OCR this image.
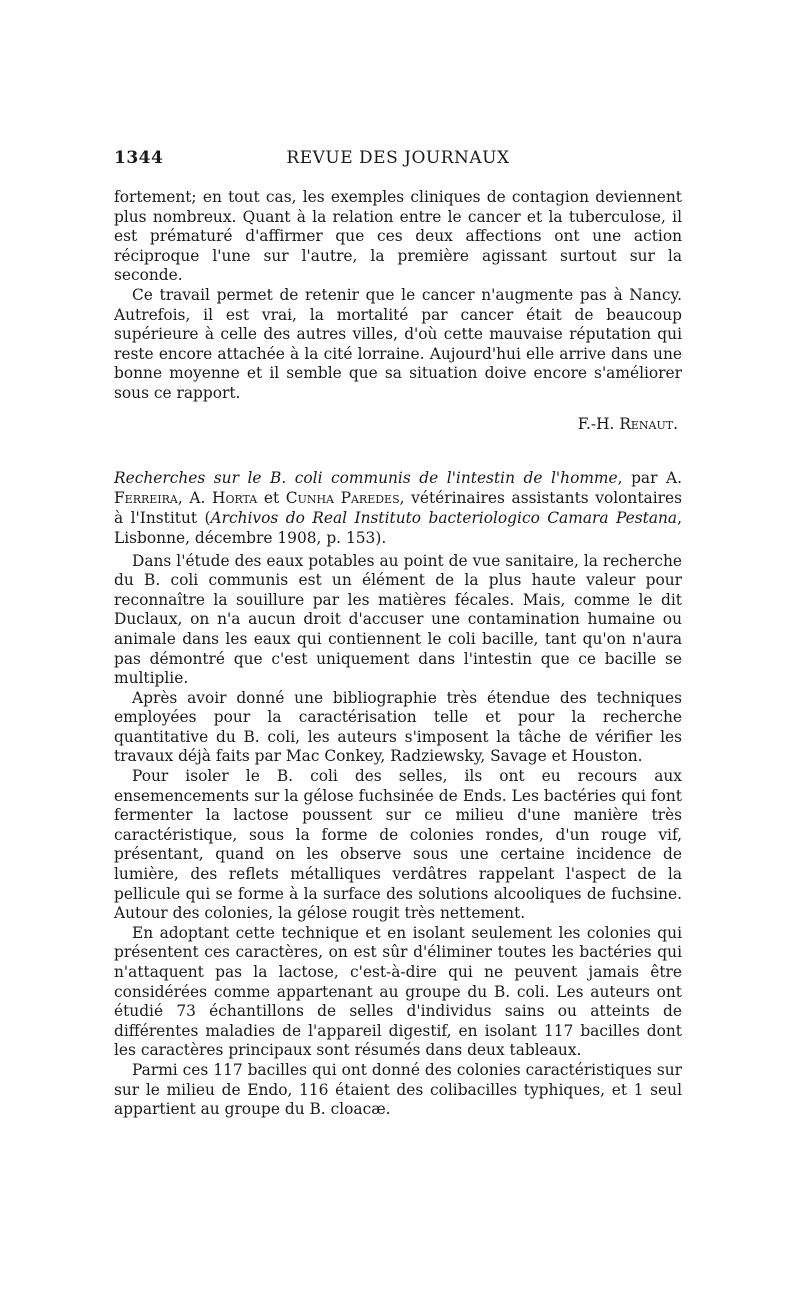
1344	REVUE DES JOURNAUX

fortement; en tout cas, les exemples cliniques de contagion deviennent plus nombreux. Quant à la relation entre le cancer et la tuberculose, il est prématuré d'affirmer que ces deux affections ont une action réciproque l'une sur l'autre, la première agissant surtout sur la seconde.

Ce travail permet de retenir que le cancer n'augmente pas à Nancy. Autrefois, il est vrai, la mortalité par cancer était de beaucoup supérieure à celle des autres villes, d'où cette mauvaise réputation qui reste encore attachée à la cité lorraine. Aujourd'hui elle arrive dans une bonne moyenne et il semble que sa situation doive encore s'améliorer sous ce rapport.

F.-H. Renaut.
Recherches sur le B. coli communis de l'intestin de l'homme, par A. Ferreira, A. Horta et Cunha Paredes, vétérinaires assistants volontaires à l'Institut (Archivos do Real Instituto bacteriologico Camara Pestana, Lisbonne, décembre 1908, p. 153).

Dans l'étude des eaux potables au point de vue sanitaire, la recherche du B. coli communis est un élément de la plus haute valeur pour reconnaître la souillure par les matières fécales. Mais, comme le dit Duclaux, on n'a aucun droit d'accuser une contamination humaine ou animale dans les eaux qui contiennent le coli bacille, tant qu'on n'aura pas démontré que c'est uniquement dans l'intestin que ce bacille se multiplie.

Après avoir donné une bibliographie très étendue des techniques employées pour la caractérisation telle et pour la recherche quantitative du B. coli, les auteurs s'imposent la tâche de vérifier les travaux déjà faits par Mac Conkey, Radziewsky, Savage et Houston.

Pour isoler le B. coli des selles, ils ont eu recours aux ensemencements sur la gélose fuchsinée de Ends. Les bactéries qui font fermenter la lactose poussent sur ce milieu d'une manière très caractéristique, sous la forme de colonies rondes, d'un rouge vif, présentant, quand on les observe sous une certaine incidence de lumière, des reflets métalliques verdâtres rappelant l'aspect de la pellicule qui se forme à la surface des solutions alcooliques de fuchsine. Autour des colonies, la gélose rougit très nettement.

En adoptant cette technique et en isolant seulement les colonies qui présentent ces caractères, on est sûr d'éliminer toutes les bactéries qui n'attaquent pas la lactose, c'est-à-dire qui ne peuvent jamais être considérées comme appartenant au groupe du B. coli. Les auteurs ont étudié 73 échantillons de selles d'individus sains ou atteints de différentes maladies de l'appareil digestif, en isolant 117 bacilles dont les caractères principaux sont résumés dans deux tableaux.

Parmi ces 117 bacilles qui ont donné des colonies caractéristiques sur sur le milieu de Endo, 116 étaient des colibacilles typhiques, et 1 seul appartient au groupe du B. cloacæ.
